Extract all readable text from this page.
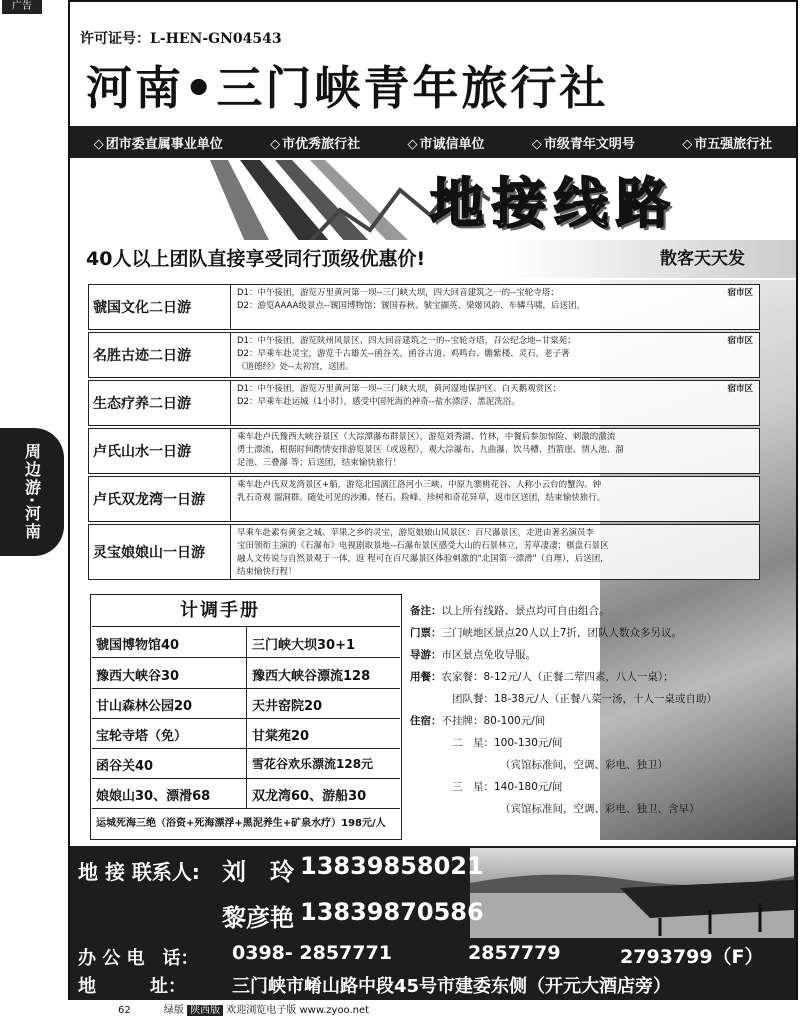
广告
许可证号：L-HEN-GN04543
河南•三门峡青年旅行社
◇ 团市委直属事业单位	◇ 市优秀旅行社	◇ 市诚信单位	◇ 市级青年文明号	◇ 市五强旅行社
地接线路
40人以上团队直接享受同行顶级优惠价!	散客天天发
周边游·河南
虢国文化二日游
D1：中午接团，游览万里黄河第一坝--三门峡大坝，四大回音建筑之一的--宝轮寺塔；
D2：游览AAAA级景点--虢国博物馆：虢国春秋、虢宝撷英、梁姬风韵、车辚马啸，后送团。
宿市区
名胜古迹二日游
D1：中午接团，游览陕州风景区、四大回音建筑之一的--宝轮寺塔，召公纪念地--甘棠苑；
D2：早乘车赴灵宝，游览千古雄关--函谷关，函谷古道、鸡鸣台、瞻紫楼、灵石，老子著
《道德经》处--太初宫，送团。
宿市区
生态疗养二日游
D1：中午接团，游览万里黄河第一坝--三门峡大坝，黄河湿地保护区、白天鹅观赏区；
D2：早乘车赴运城（1小时），感受中国死海的神奇--盐水漂浮、黑泥洗浴。
宿市区
卢氏山水一日游
乘车赴卢氏豫西大峡谷景区（大淙潭瀑布群景区），游览刘秀湖、竹林，中餐后参加惊险、刺激的激流
勇士漂流，根据时间酌情安排游览景区（或返程），观大淙瀑布、九曲瀑、饮马槽、挡箭崖、情人池、溜
足池、三叠瀑 等；后送团，结束愉快旅行！
卢氏双龙湾一日游
乘车赴卢氏双龙湾景区+船，游览北国漓江洛河小三峡、中原九寨桃花谷、人称小云台的蟹沟、钟
乳石奇观 溜洞群。随处可见的沙滩、怪石、险峰、珍树和奇花异草，返市区送团，结束愉快旅行。
灵宝娘娘山一日游
早乘车赴素有黄金之城、苹果之乡的灵宝，游览娘娘山风景区：百尺瀑景区，走进由著名演员李
宝田领衔主演的《石瀑布》电视剧取景地--石瀑布景区感受大山的石景林立，芳草凄凄；棋盘石景区
融人文传说与自然景观于一体，返 程可在百尺瀑景区体验刺激的"北国第一漂滑"（自理），后送团，
结束愉快行程！
计调手册
虢国博物馆40	三门峡大坝30+1
豫西大峡谷30	豫西大峡谷漂流128
甘山森林公园20	天井窑院20
宝轮寺塔（免）	甘棠苑20
函谷关40	雪花谷欢乐漂流128元
娘娘山30、漂滑68	双龙湾60、游船30
运城死海三绝（浴资+死海漂浮+黑泥养生+矿泉水疗）198元/人
备注：以上所有线路、景点均可自由组合。
门票：三门峡地区景点20人以上7折，团队人数众多另议。
导游：市区景点免收导服。
用餐：农家餐：8-12元/人（正餐二荤四素，八人一桌）；
团队餐：18-38元/人（正餐八菜一汤，十人一桌或自助）
住宿：不挂牌：80-100元/间
二　星：100-130元/间
（宾馆标准间，空调、彩电、独卫）
三　星：140-180元/间
（宾馆标准间，空调、彩电、独卫、含早）
地 接 联系人: 刘　玲 13839858021
黎彦艳 13839870586
办 公 电　话： 0398- 2857771	2857779	2793799（F）
地　　　址：	三门峡市崤山路中段45号市建委东侧（开元大酒店旁）
62	绿版 陕西版 欢迎浏览电子版 www.zyoo.net
